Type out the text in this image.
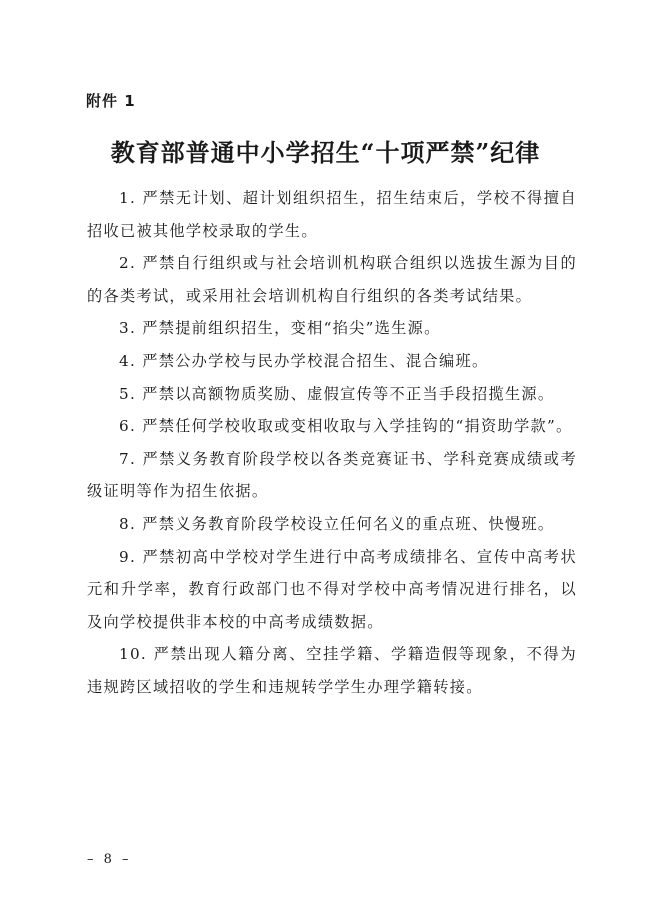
附件 1
教育部普通中小学招生“十项严禁”纪律
1. 严禁无计划、超计划组织招生，招生结束后，学校不得擅自招收已被其他学校录取的学生。
2. 严禁自行组织或与社会培训机构联合组织以选拔生源为目的的各类考试，或采用社会培训机构自行组织的各类考试结果。
3. 严禁提前组织招生，变相“掐尖”选生源。
4. 严禁公办学校与民办学校混合招生、混合编班。
5. 严禁以高额物质奖励、虚假宣传等不正当手段招揽生源。
6. 严禁任何学校收取或变相收取与入学挂钩的“捐资助学款”。
7. 严禁义务教育阶段学校以各类竞赛证书、学科竞赛成绩或考级证明等作为招生依据。
8. 严禁义务教育阶段学校设立任何名义的重点班、快慢班。
9. 严禁初高中学校对学生进行中高考成绩排名、宣传中高考状元和升学率，教育行政部门也不得对学校中高考情况进行排名，以及向学校提供非本校的中高考成绩数据。
10. 严禁出现人籍分离、空挂学籍、学籍造假等现象，不得为违规跨区域招收的学生和违规转学学生办理学籍转接。
– 8 –
